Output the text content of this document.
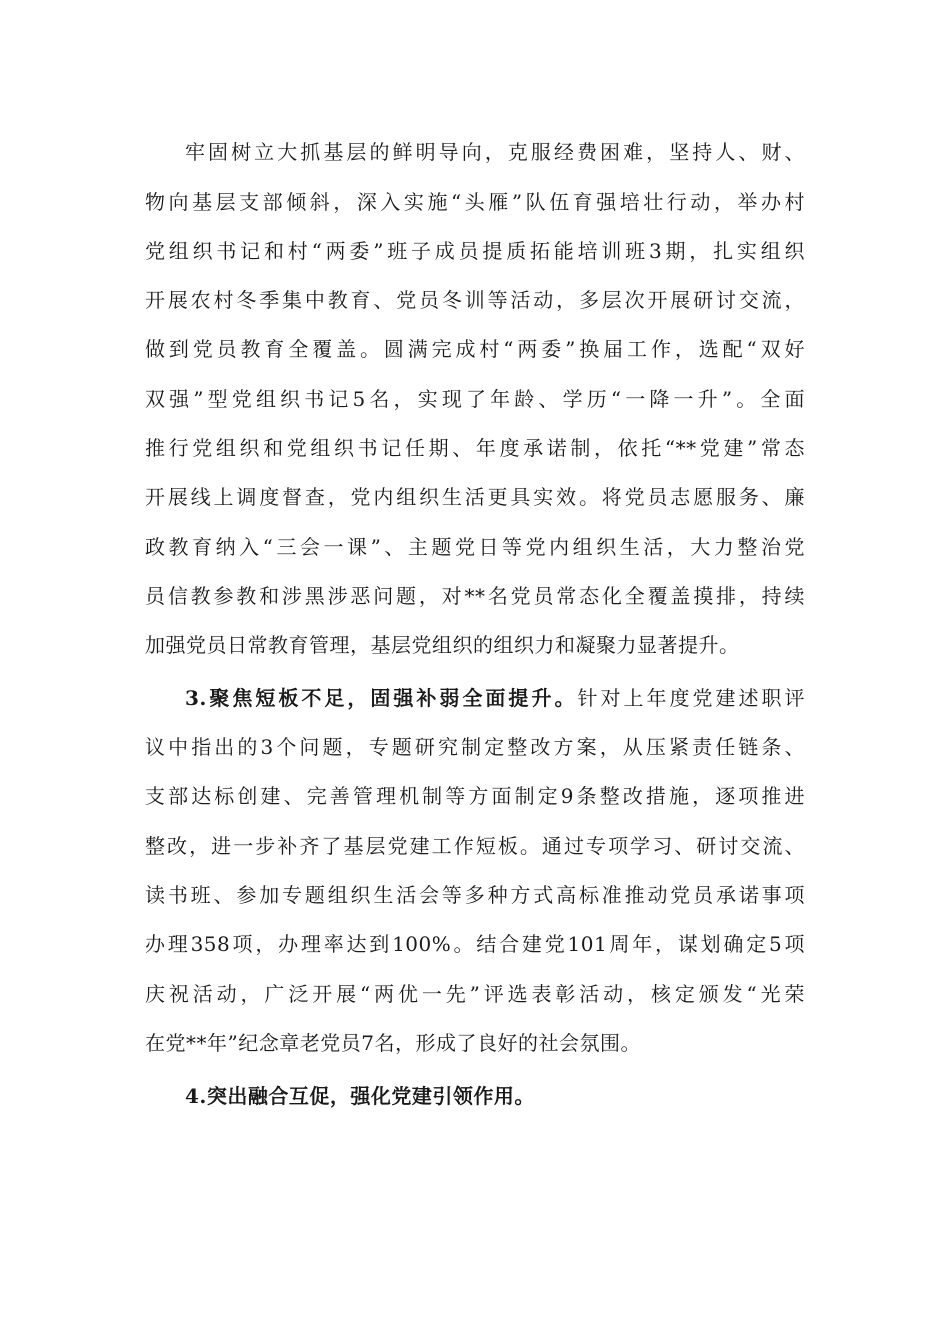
牢固树立大抓基层的鲜明导向，克服经费困难，坚持人、财、
物向基层支部倾斜，深入实施“头雁”队伍育强培壮行动，举办村
党组织书记和村“两委”班子成员提质拓能培训班3期，扎实组织
开展农村冬季集中教育、党员冬训等活动，多层次开展研讨交流，
做到党员教育全覆盖。圆满完成村“两委”换届工作，选配“双好
双强”型党组织书记5名，实现了年龄、学历“一降一升”。全面
推行党组织和党组织书记任期、年度承诺制，依托“**党建”常态
开展线上调度督查，党内组织生活更具实效。将党员志愿服务、廉
政教育纳入“三会一课”、主题党日等党内组织生活，大力整治党
员信教参教和涉黑涉恶问题，对**名党员常态化全覆盖摸排，持续
加强党员日常教育管理，基层党组织的组织力和凝聚力显著提升。
3.聚焦短板不足，固强补弱全面提升。针对上年度党建述职评
议中指出的3个问题，专题研究制定整改方案，从压紧责任链条、
支部达标创建、完善管理机制等方面制定9条整改措施，逐项推进
整改，进一步补齐了基层党建工作短板。通过专项学习、研讨交流、
读书班、参加专题组织生活会等多种方式高标准推动党员承诺事项
办理358项，办理率达到100%。结合建党101周年，谋划确定5项
庆祝活动，广泛开展“两优一先”评选表彰活动，核定颁发“光荣
在党**年”纪念章老党员7名，形成了良好的社会氛围。
4.突出融合互促，强化党建引领作用。
